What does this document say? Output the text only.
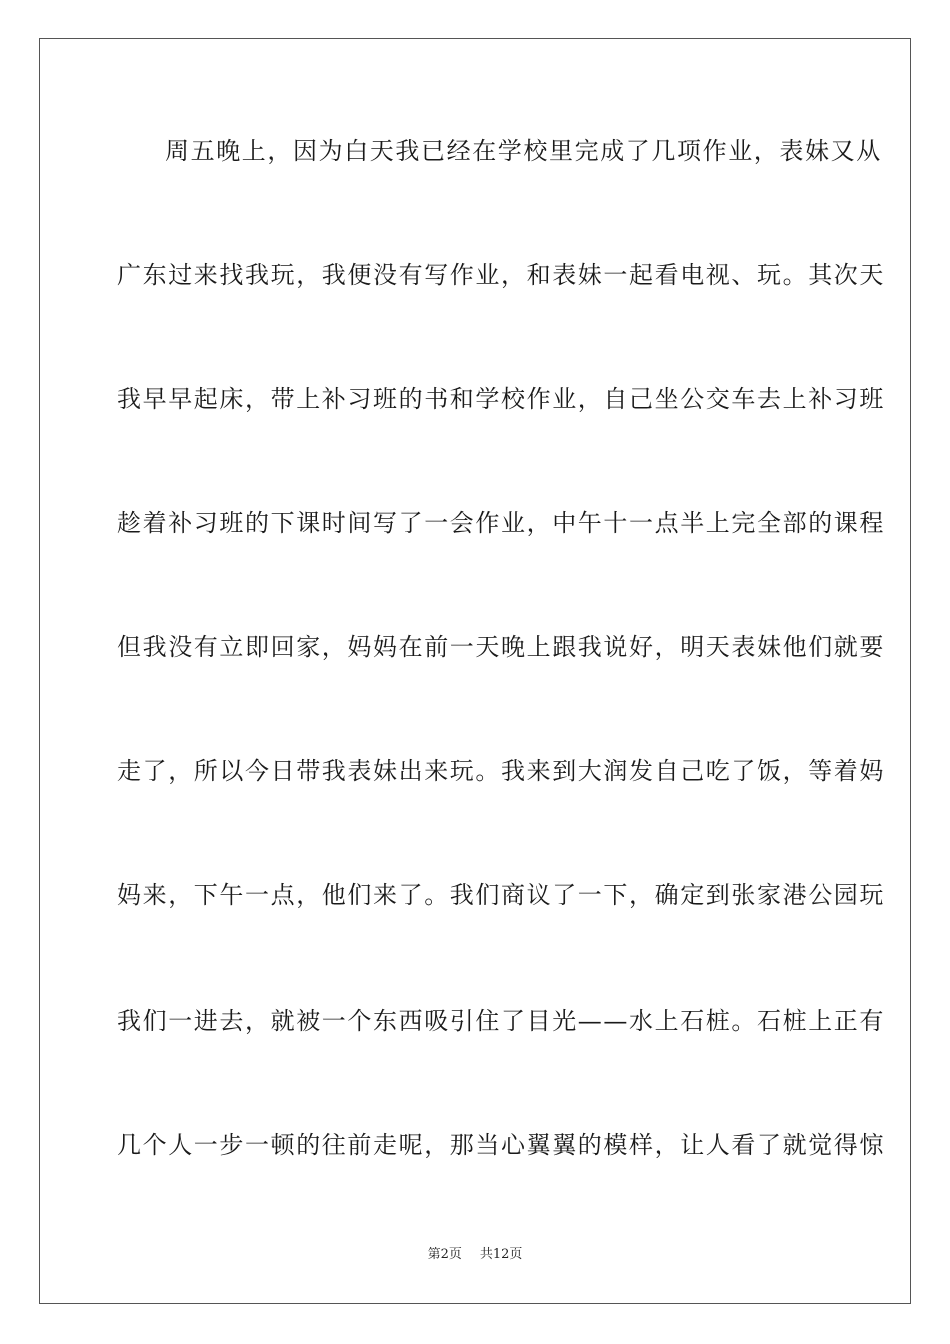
周五晚上，因为白天我已经在学校里完成了几项作业，表妹又从
广东过来找我玩，我便没有写作业，和表妹一起看电视、玩。其次天
我早早起床，带上补习班的书和学校作业，自己坐公交车去上补习班
趁着补习班的下课时间写了一会作业，中午十一点半上完全部的课程
但我没有立即回家，妈妈在前一天晚上跟我说好，明天表妹他们就要
走了，所以今日带我表妹出来玩。我来到大润发自己吃了饭，等着妈
妈来，下午一点，他们来了。我们商议了一下，确定到张家港公园玩
我们一进去，就被一个东西吸引住了目光——水上石桩。石桩上正有
几个人一步一顿的往前走呢，那当心翼翼的模样，让人看了就觉得惊
第2页 共12页
